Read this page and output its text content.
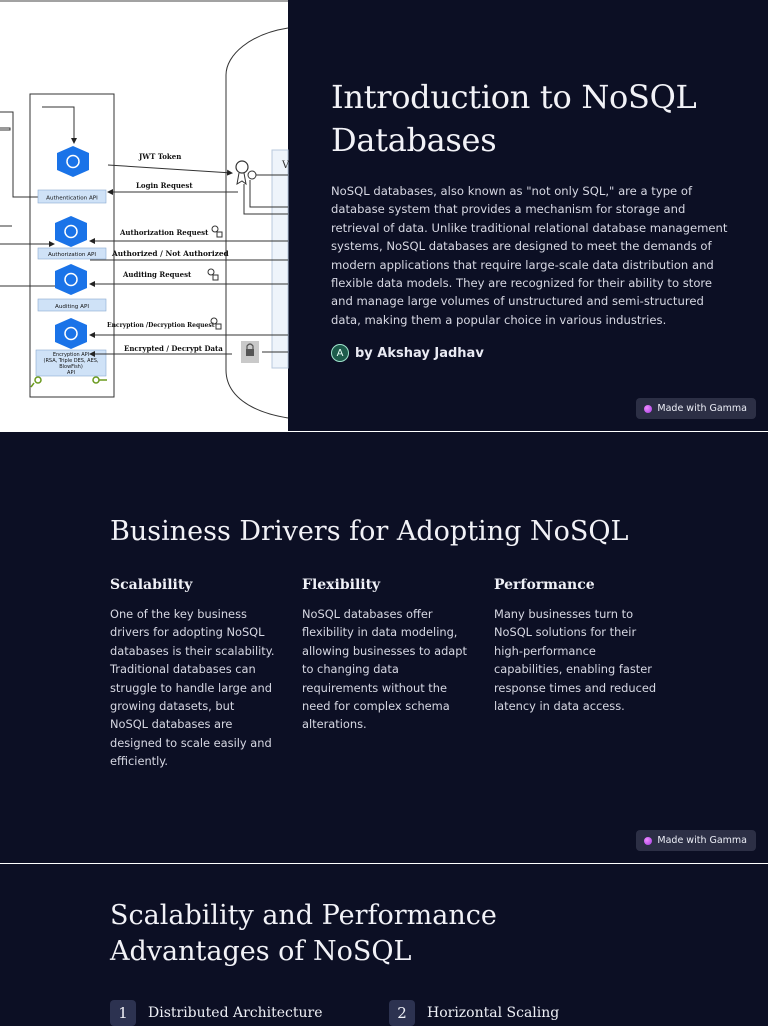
V
Authentication API
Authorization API
Auditing API
Encryption API
(RSA, Triple DES, AES,
BlowFish)
API
JWT Token
Login Request
Authorization Request
Authorized / Not Authorized
Auditing Request
Encryption /Decryption Request
Encrypted / Decrypt Data
Introduction to NoSQL Databases

NoSQL databases, also known as "not only SQL," are a type of database system that provides a mechanism for storage and retrieval of data. Unlike traditional relational database management systems, NoSQL databases are designed to meet the demands of modern applications that require large-scale data distribution and flexible data models. They are recognized for their ability to store and manage large volumes of unstructured and semi-structured data, making them a popular choice in various industries.

A by Akshay Jadhav
Made with Gamma
Business Drivers for Adopting NoSQL
Scalability

One of the key business drivers for adopting NoSQL databases is their scalability. Traditional databases can struggle to handle large and growing datasets, but NoSQL databases are designed to scale easily and efficiently.

Flexibility

NoSQL databases offer flexibility in data modeling, allowing businesses to adapt to changing data requirements without the need for complex schema alterations.

Performance

Many businesses turn to NoSQL solutions for their high-performance capabilities, enabling faster response times and reduced latency in data access.

Made with Gamma
Scalability and Performance Advantages of NoSQL
1	Distributed Architecture	2	Horizontal Scaling
